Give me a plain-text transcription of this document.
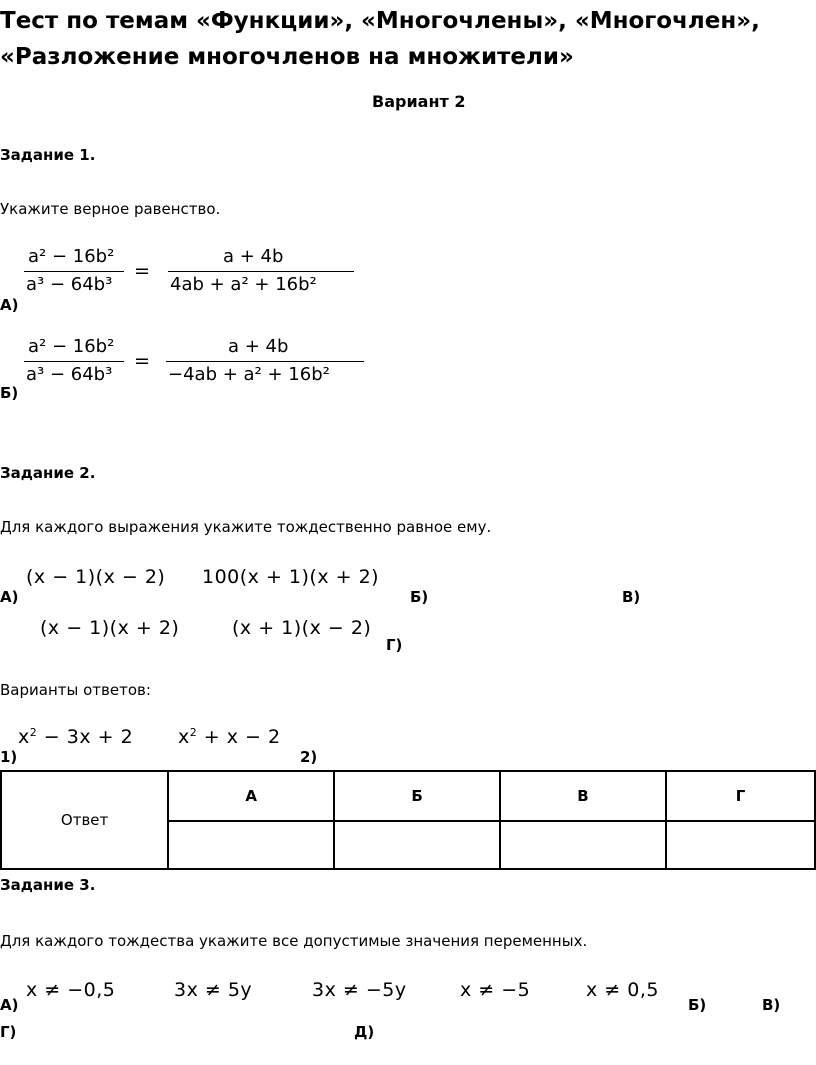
Тест по темам «Функции», «Многочлены», «Многочлен»,
«Разложение многочленов на множители»
Вариант 2
Задание 1.
Укажите верное равенство.
А)
a² − 16b²
a³ − 64b³
=
a + 4b
4ab + a² + 16b²
Б)
a² − 16b²
a³ − 64b³
=
a + 4b
−4ab + a² + 16b²
Задание 2.
Для каждого выражения укажите тождественно равное ему.
А)
(x − 1)(x − 2) 100(x + 1)(x + 2)
Б)	В)
(x − 1)(x + 2)	(x + 1)(x − 2)
Г)
Варианты ответов:
$x^2 - 3x + 2$ $x^2 + x - 2$
1)	2)
Ответ	А	Б	В	Г

Задание 3.
Для каждого тождества укажите все допустимые значения переменных.
x ≠ −0,5	3x ≠ 5y	3x ≠ −5y	x ≠ −5	x ≠ 0,5
А)	Б)	В)
Г)	Д)
